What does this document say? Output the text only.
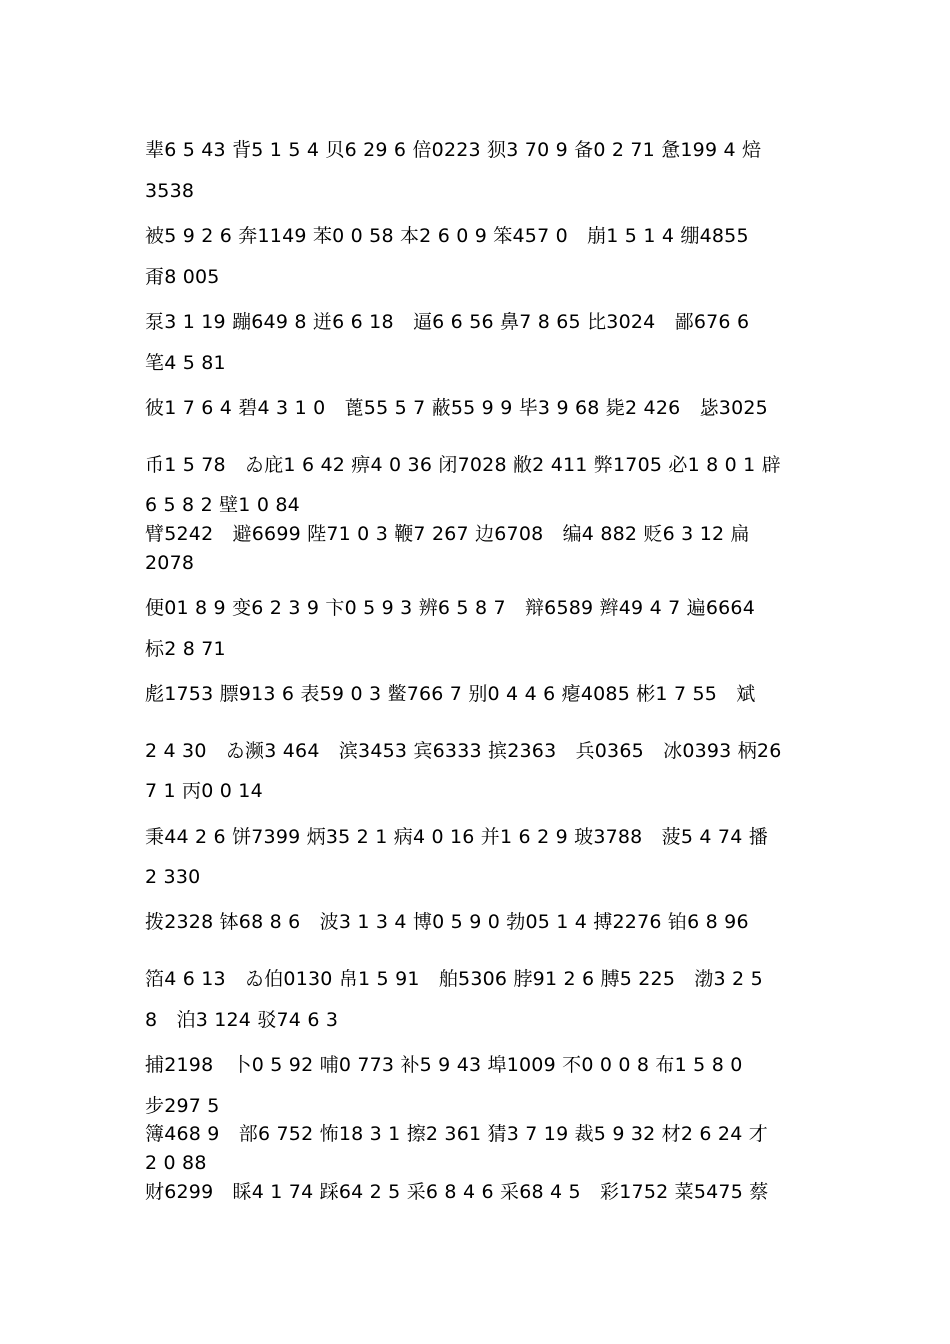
辈6 5 43 背5 1 5 4 贝6 29 6 倍0223 狈3 70 9 备0 2 71 惫199 4 焙
3538
被5 9 2 6 奔1149 苯0 0 58 本2 6 0 9 笨457 0　崩1 5 1 4 绷4855
甭8 005
泵3 1 19 蹦649 8 迸6 6 18　逼6 6 56 鼻7 8 65 比3024　鄙676 6
笔4 5 81
彼1 7 6 4 碧4 3 1 0　蓖55 5 7 蔽55 9 9 毕3 9 68 毙2 426　毖3025
币1 5 78　ゐ庇1 6 42 痹4 0 36 闭7028 敝2 411 弊1705 必1 8 0 1 辟
6 5 8 2 壁1 0 84
臂5242　避6699 陛71 0 3 鞭7 267 边6708　编4 882 贬6 3 12 扁
2078
便01 8 9 变6 2 3 9 卞0 5 9 3 辨6 5 8 7　辩6589 辫49 4 7 遍6664
标2 8 71
彪1753 膘913 6 表59 0 3 鳖766 7 别0 4 4 6 瘪4085 彬1 7 55　斌
2 4 30　ゐ濒3 464　滨3453 宾6333 摈2363　兵0365　冰0393 柄26
7 1 丙0 0 14
秉44 2 6 饼7399 炳35 2 1 病4 0 16 并1 6 2 9 玻3788　菠5 4 74 播
2 330
拨2328 钵68 8 6　波3 1 3 4 博0 5 9 0 勃05 1 4 搏2276 铂6 8 96
箔4 6 13　ゐ伯0130 帛1 5 91　舶5306 脖91 2 6 膊5 225　渤3 2 5
8　泊3 124 驳74 6 3
捕2198　卜0 5 92 哺0 773 补5 9 43 埠1009 不0 0 0 8 布1 5 8 0
步297 5
簿468 9　部6 752 怖18 3 1 擦2 361 猜3 7 19 裁5 9 32 材2 6 24 才
2 0 88
财6299　睬4 1 74 踩64 2 5 采6 8 4 6 采68 4 5　彩1752 菜5475 蔡
